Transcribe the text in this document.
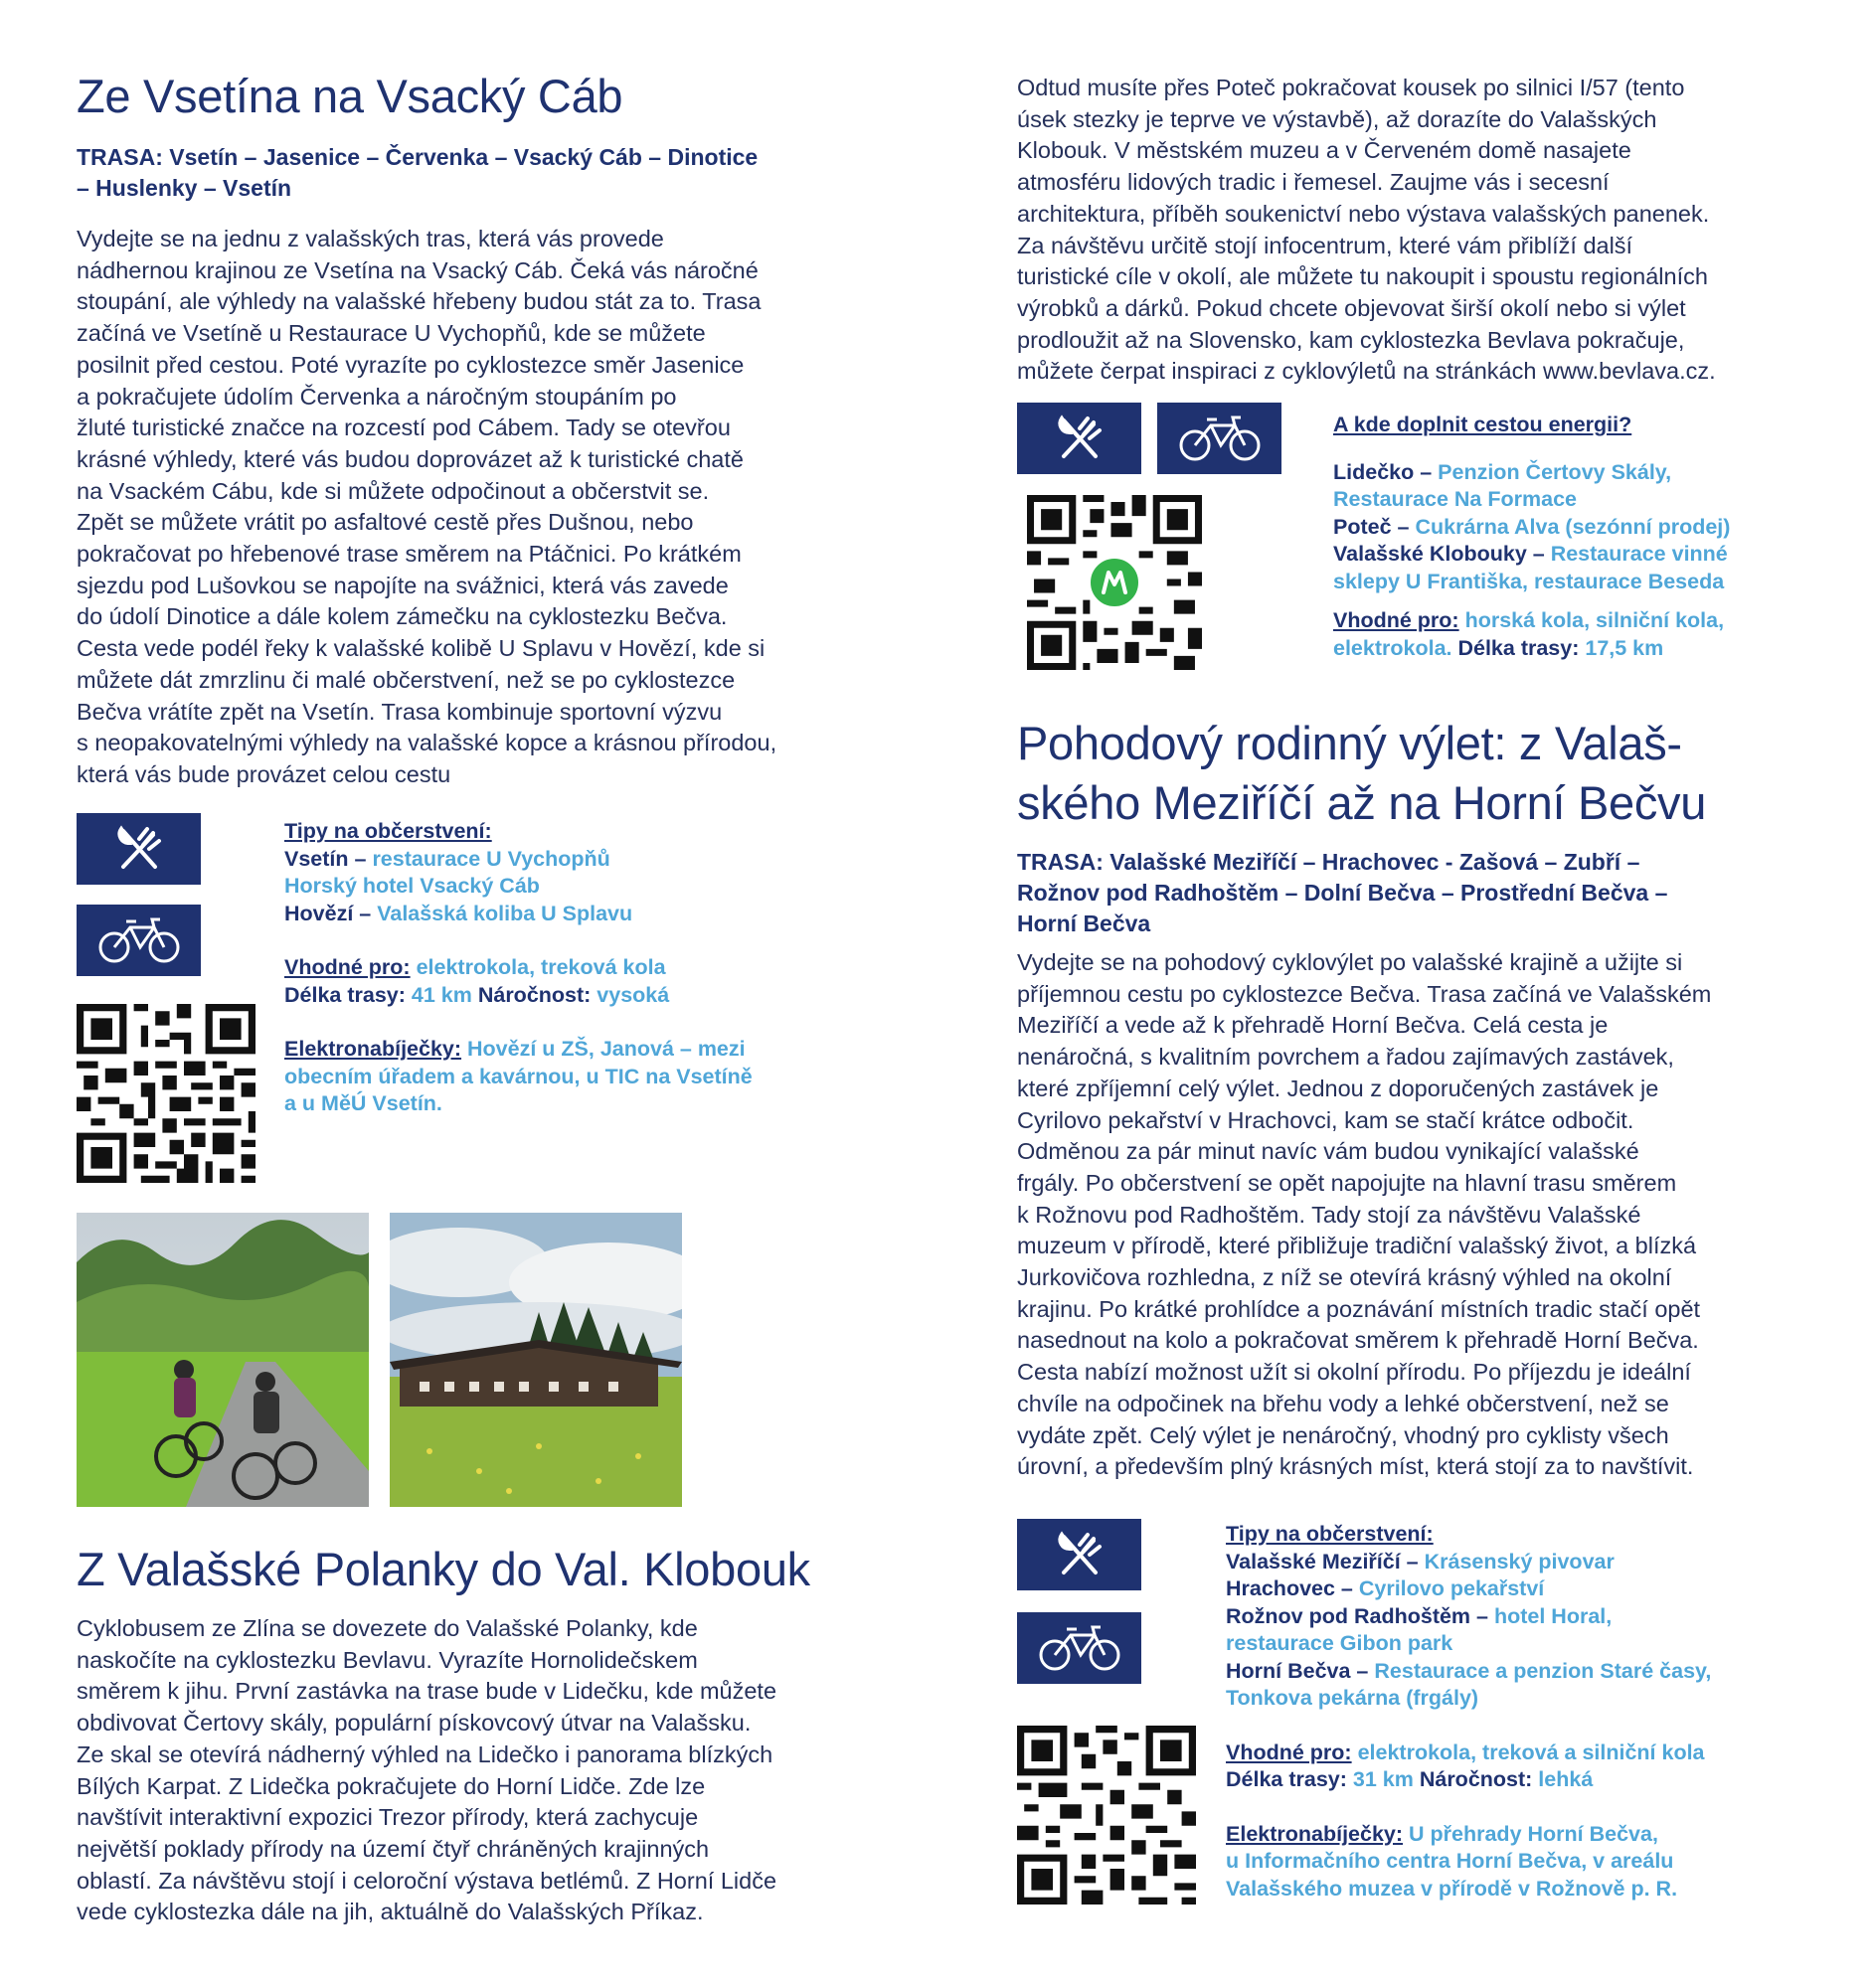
Ze Vsetína na Vsacký Cáb
TRASA: Vsetín – Jasenice – Červenka – Vsacký Cáb – Dinotice
– Huslenky – Vsetín
Vydejte se na jednu z valašských tras, která vás provede
nádhernou krajinou ze Vsetína na Vsacký Cáb. Čeká vás náročné
stoupání, ale výhledy na valašské hřebeny budou stát za to. Trasa
začíná ve Vsetíně u Restaurace U Vychopňů, kde se můžete
posilnit před cestou. Poté vyrazíte po cyklostezce směr Jasenice
a pokračujete údolím Červenka a náročným stoupáním po
žluté turistické značce na rozcestí pod Cábem. Tady se otevřou
krásné výhledy, které vás budou doprovázet až k turistické chatě
na Vsackém Cábu, kde si můžete odpočinout a občerstvit se.
Zpět se můžete vrátit po asfaltové cestě přes Dušnou, nebo
pokračovat po hřebenové trase směrem na Ptáčnici. Po krátkém
sjezdu pod Lušovkou se napojíte na svážnici, která vás zavede
do údolí Dinotice a dále kolem zámečku na cyklostezku Bečva.
Cesta vede podél řeky k valašské kolibě U Splavu v Hovězí, kde si
můžete dát zmrzlinu či malé občerstvení, než se po cyklostezce
Bečva vrátíte zpět na Vsetín. Trasa kombinuje sportovní výzvu
s neopakovatelnými výhledy na valašské kopce a krásnou přírodou,
která vás bude provázet celou cestu
Tipy na občerstvení:
Vsetín – restaurace U Vychopňů
Horský hotel Vsacký Cáb
Hovězí – Valašská koliba U Splavu
Vhodné pro: elektrokola, treková kola
Délka trasy: 41 km Náročnost: vysoká
Elektronabíječky: Hovězí u ZŠ, Janová – mezi
obecním úřadem a kavárnou, u TIC na Vsetíně
a u MěÚ Vsetín.
Z Valašské Polanky do Val. Klobouk
Cyklobusem ze Zlína se dovezete do Valašské Polanky, kde
naskočíte na cyklostezku Bevlavu. Vyrazíte Hornolidečskem
směrem k jihu. První zastávka na trase bude v Lidečku, kde můžete
obdivovat Čertovy skály, populární pískovcový útvar na Valašsku.
Ze skal se otevírá nádherný výhled na Lidečko i panorama blízkých
Bílých Karpat. Z Lidečka pokračujete do Horní Lidče. Zde lze
navštívit interaktivní expozici Trezor přírody, která zachycuje
největší poklady přírody na území čtyř chráněných krajinných
oblastí. Za návštěvu stojí i celoroční výstava betlémů. Z Horní Lidče
vede cyklostezka dále na jih, aktuálně do Valašských Příkaz.
Odtud musíte přes Poteč pokračovat kousek po silnici I/57 (tento
úsek stezky je teprve ve výstavbě), až dorazíte do Valašských
Klobouk. V městském muzeu a v Červeném domě nasajete
atmosféru lidových tradic i řemesel. Zaujme vás i secesní
architektura, příběh soukenictví nebo výstava valašských panenek.
Za návštěvu určitě stojí infocentrum, které vám přiblíží další
turistické cíle v okolí, ale můžete tu nakoupit i spoustu regionálních
výrobků a dárků. Pokud chcete objevovat širší okolí nebo si výlet
prodloužit až na Slovensko, kam cyklostezka Bevlava pokračuje,
můžete čerpat inspiraci z cyklovýletů na stránkách www.bevlava.cz.
A kde doplnit cestou energii?
Lidečko – Penzion Čertovy Skály,
Restaurace Na Formace
Poteč – Cukrárna Alva (sezónní prodej)
Valašské Klobouky – Restaurace vinné
sklepy U Františka, restaurace Beseda
Vhodné pro: horská kola, silniční kola,
elektrokola. Délka trasy: 17,5 km
Pohodový rodinný výlet: z Valaš-
ského Meziříčí až na Horní Bečvu
TRASA: Valašské Meziříčí – Hrachovec - Zašová – Zubří –
Rožnov pod Radhoštěm – Dolní Bečva – Prostřední Bečva –
Horní Bečva
Vydejte se na pohodový cyklovýlet po valašské krajině a užijte si
příjemnou cestu po cyklostezce Bečva. Trasa začíná ve Valašském
Meziříčí a vede až k přehradě Horní Bečva. Celá cesta je
nenáročná, s kvalitním povrchem a řadou zajímavých zastávek,
které zpříjemní celý výlet. Jednou z doporučených zastávek je
Cyrilovo pekařství v Hrachovci, kam se stačí krátce odbočit.
Odměnou za pár minut navíc vám budou vynikající valašské
frgály. Po občerstvení se opět napojujte na hlavní trasu směrem
k Rožnovu pod Radhoštěm. Tady stojí za návštěvu Valašské
muzeum v přírodě, které přibližuje tradiční valašský život, a blízká
Jurkovičova rozhledna, z níž se otevírá krásný výhled na okolní
krajinu. Po krátké prohlídce a poznávání místních tradic stačí opět
nasednout na kolo a pokračovat směrem k přehradě Horní Bečva.
Cesta nabízí možnost užít si okolní přírodu. Po příjezdu je ideální
chvíle na odpočinek na břehu vody a lehké občerstvení, než se
vydáte zpět. Celý výlet je nenáročný, vhodný pro cyklisty všech
úrovní, a především plný krásných míst, která stojí za to navštívit.
Tipy na občerstvení:
Valašské Meziříčí – Krásenský pivovar
Hrachovec – Cyrilovo pekařství
Rožnov pod Radhoštěm – hotel Horal,
restaurace Gibon park
Horní Bečva – Restaurace a penzion Staré časy,
Tonkova pekárna (frgály)
Vhodné pro: elektrokola, treková a silniční kola
Délka trasy: 31 km Náročnost: lehká
Elektronabíječky: U přehrady Horní Bečva,
u Informačního centra Horní Bečva, v areálu
Valašského muzea v přírodě v Rožnově p. R.
